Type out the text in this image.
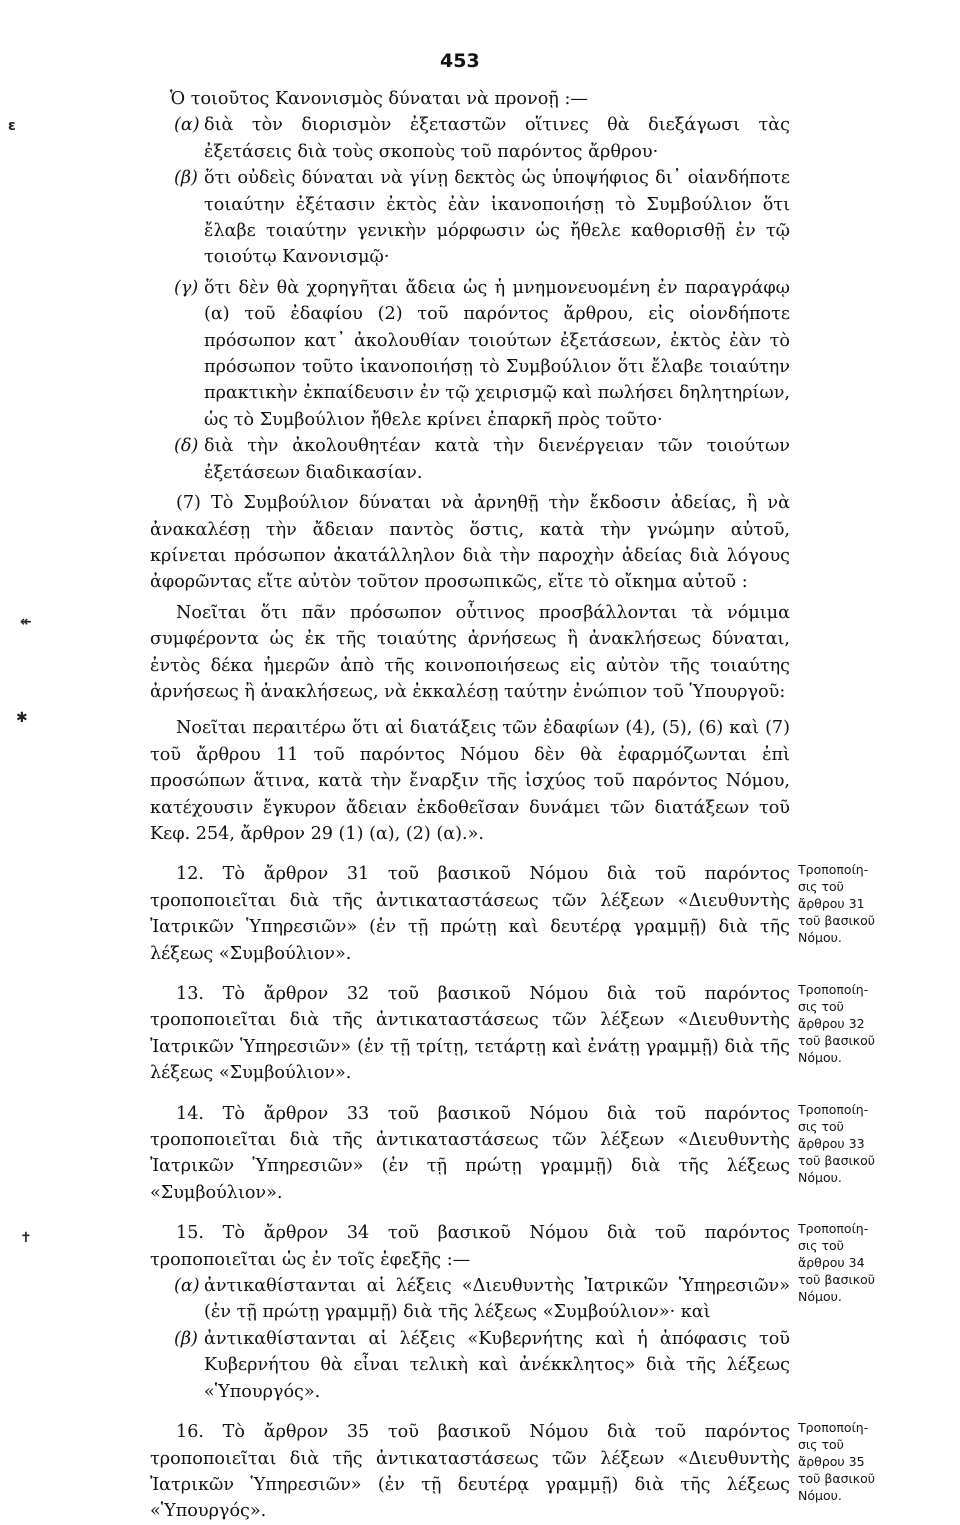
453
ε
↞
✱
✝

Ὁ τοιοῦτος Κανονισμὸς δύναται νὰ προνοῇ :—

(α) διὰ τὸν διορισμὸν ἐξεταστῶν οἵτινες θὰ διεξάγωσι τὰς ἐξετάσεις διὰ τοὺς σκοποὺς τοῦ παρόντος ἄρθρου·
(β) ὅτι οὐδεὶς δύναται νὰ γίνῃ δεκτὸς ὡς ὑποψήφιος δι᾽ οἱανδήποτε τοιαύτην ἐξέτασιν ἐκτὸς ἐὰν ἱκανοποιήσῃ τὸ Συμβούλιον ὅτι ἔλαβε τοιαύτην γενικὴν μόρφωσιν ὡς ἤθελε καθορισθῇ ἐν τῷ τοιούτῳ Κανονισμῷ·
(γ) ὅτι δὲν θὰ χορηγῆται ἄδεια ὡς ἡ μνημονευομένη ἐν παραγράφῳ (α) τοῦ ἐδαφίου (2) τοῦ παρόντος ἄρθρου, εἰς οἱονδήποτε πρόσωπον κατ᾽ ἀκολουθίαν τοιούτων ἐξετάσεων, ἐκτὸς ἐὰν τὸ πρόσωπον τοῦτο ἱκανοποιήσῃ τὸ Συμβούλιον ὅτι ἔλαβε τοιαύτην πρακτικὴν ἐκπαίδευσιν ἐν τῷ χειρισμῷ καὶ πωλήσει δηλητηρίων, ὡς τὸ Συμβούλιον ἤθελε κρίνει ἐπαρκῆ πρὸς τοῦτο·
(δ) διὰ τὴν ἀκολουθητέαν κατὰ τὴν διενέργειαν τῶν τοιούτων ἐξετάσεων διαδικασίαν.

(7) Τὸ Συμβούλιον δύναται νὰ ἀρνηθῇ τὴν ἔκδοσιν ἀδείας, ἢ νὰ ἀνακαλέσῃ τὴν ἄδειαν παντὸς ὅστις, κατὰ τὴν γνώμην αὐτοῦ, κρίνεται πρόσωπον ἀκατάλληλον διὰ τὴν παροχὴν ἀδείας διὰ λόγους ἀφορῶντας εἴτε αὐτὸν τοῦτον προσωπικῶς, εἴτε τὸ οἴκημα αὐτοῦ :

Νοεῖται ὅτι πᾶν πρόσωπον οὗτινος προσβάλλονται τὰ νόμιμα συμφέροντα ὡς ἐκ τῆς τοιαύτης ἀρνήσεως ἢ ἀνακλήσεως δύναται, ἐντὸς δέκα ἡμερῶν ἀπὸ τῆς κοινοποιήσεως εἰς αὐτὸν τῆς τοιαύτης ἀρνήσεως ἢ ἀνακλήσεως, νὰ ἐκκαλέσῃ ταύτην ἐνώπιον τοῦ Ὑπουργοῦ:

Νοεῖται περαιτέρω ὅτι αἱ διατάξεις τῶν ἐδαφίων (4), (5), (6) καὶ (7) τοῦ ἄρθρου 11 τοῦ παρόντος Νόμου δὲν θὰ ἐφαρμόζωνται ἐπὶ προσώπων ἅτινα, κατὰ τὴν ἔναρξιν τῆς ἰσχύος τοῦ παρόντος Νόμου, κατέχουσιν ἔγκυρον ἄδειαν ἐκδοθεῖσαν δυνάμει τῶν διατάξεων τοῦ Κεφ. 254, ἄρθρον 29 (1) (α), (2) (α).».

12. Τὸ ἄρθρον 31 τοῦ βασικοῦ Νόμου διὰ τοῦ παρόντος τροποποιεῖται διὰ τῆς ἀντικαταστάσεως τῶν λέξεων «Διευθυντὴς Ἰατρικῶν Ὑπηρεσιῶν» (ἐν τῇ πρώτῃ καὶ δευτέρᾳ γραμμῇ) διὰ τῆς λέξεως «Συμβούλιον».

Τροποποίη-
σις τοῦ
ἄρθρου 31
τοῦ βασικοῦ
Νόμου.

13. Τὸ ἄρθρον 32 τοῦ βασικοῦ Νόμου διὰ τοῦ παρόντος τροποποιεῖται διὰ τῆς ἀντικαταστάσεως τῶν λέξεων «Διευθυντὴς Ἰατρικῶν Ὑπηρεσιῶν» (ἐν τῇ τρίτῃ, τετάρτῃ καὶ ἐνάτῃ γραμμῇ) διὰ τῆς λέξεως «Συμβούλιον».

Τροποποίη-
σις τοῦ
ἄρθρου 32
τοῦ βασικοῦ
Νόμου.

14. Τὸ ἄρθρον 33 τοῦ βασικοῦ Νόμου διὰ τοῦ παρόντος τροποποιεῖται διὰ τῆς ἀντικαταστάσεως τῶν λέξεων «Διευθυντὴς Ἰατρικῶν Ὑπηρεσιῶν» (ἐν τῇ πρώτῃ γραμμῇ) διὰ τῆς λέξεως «Συμβούλιον».

Τροποποίη-
σις τοῦ
ἄρθρου 33
τοῦ βασικοῦ
Νόμου.

15. Τὸ ἄρθρον 34 τοῦ βασικοῦ Νόμου διὰ τοῦ παρόντος τροποποιεῖται ὡς ἐν τοῖς ἑφεξῆς :—

(α) ἀντικαθίστανται αἱ λέξεις «Διευθυντὴς Ἰατρικῶν Ὑπηρεσιῶν» (ἐν τῇ πρώτῃ γραμμῇ) διὰ τῆς λέξεως «Συμβούλιον»· καὶ
(β) ἀντικαθίστανται αἱ λέξεις «Κυβερνήτης καὶ ἡ ἀπόφασις τοῦ Κυβερνήτου θὰ εἶναι τελικὴ καὶ ἀνέκκλητος» διὰ τῆς λέξεως «Ὑπουργός».
Τροποποίη-
σις τοῦ
ἄρθρου 34
τοῦ βασικοῦ
Νόμου.

16. Τὸ ἄρθρον 35 τοῦ βασικοῦ Νόμου διὰ τοῦ παρόντος τροποποιεῖται διὰ τῆς ἀντικαταστάσεως τῶν λέξεων «Διευθυντὴς Ἰατρικῶν Ὑπηρεσιῶν» (ἐν τῇ δευτέρᾳ γραμμῇ) διὰ τῆς λέξεως «Ὑπουργός».

Τροποποίη-
σις τοῦ
ἄρθρου 35
τοῦ βασικοῦ
Νόμου.
